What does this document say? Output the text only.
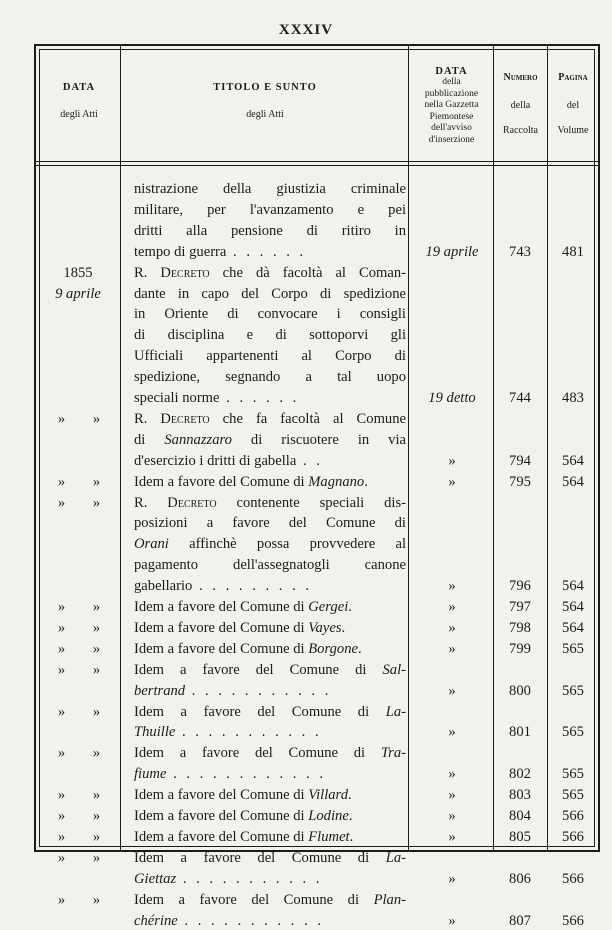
XXXIV
DATA
degli Atti
TITOLO E SUNTO
degli Atti
DATA
della
pubblicazione
nella Gazzetta
Piemontese
dell'avviso
d'inserzione
Numero
della
Raccolta
Pagina
del
Volume
nistrazione della giustizia criminale
militare, per l'avanzamento e pei
dritti alla pensione di ritiro in
tempo di guerra . . . . . .	19 aprile	743	481
1855	R. Decreto che dà facoltà al Coman-
9 aprile	dante in capo del Corpo di spedizione
in Oriente di convocare i consigli
di disciplina e di sottoporvi gli
Ufficiali appartenenti al Corpo di
spedizione, segnando a tal uopo
speciali norme . . . . . .	19 detto	744	483
» »	R. Decreto che fa facoltà al Comune
di Sannazzaro di riscuotere in via
d'esercizio i dritti di gabella . .	»	794	564
» »	Idem a favore del Comune di Magnano.	»	795	564
» »	R. Decreto contenente speciali dis-
posizioni a favore del Comune di
Orani affinchè possa provvedere al
pagamento dell'assegnatogli canone
gabellario . . . . . . . . .	»	796	564
» »	Idem a favore del Comune di Gergei.	»	797	564
» »	Idem a favore del Comune di Vayes.	»	798	564
» »	Idem a favore del Comune di Borgone.	»	799	565
» »	Idem a favore del Comune di Sal-
bertrand . . . . . . . . . . .	»	800	565
» »	Idem a favore del Comune di La-
Thuille . . . . . . . . . . .	»	801	565
» »	Idem a favore del Comune di Tra-
fiume . . . . . . . . . . . .	»	802	565
» »	Idem a favore del Comune di Villard.	»	803	565
» »	Idem a favore del Comune di Lodine.	»	804	566
» »	Idem a favore del Comune di Flumet.	»	805	566
» »	Idem a favore del Comune di La-
Giettaz . . . . . . . . . . .	»	806	566
» »	Idem a favore del Comune di Plan-
chérine . . . . . . . . . . .	»	807	566
